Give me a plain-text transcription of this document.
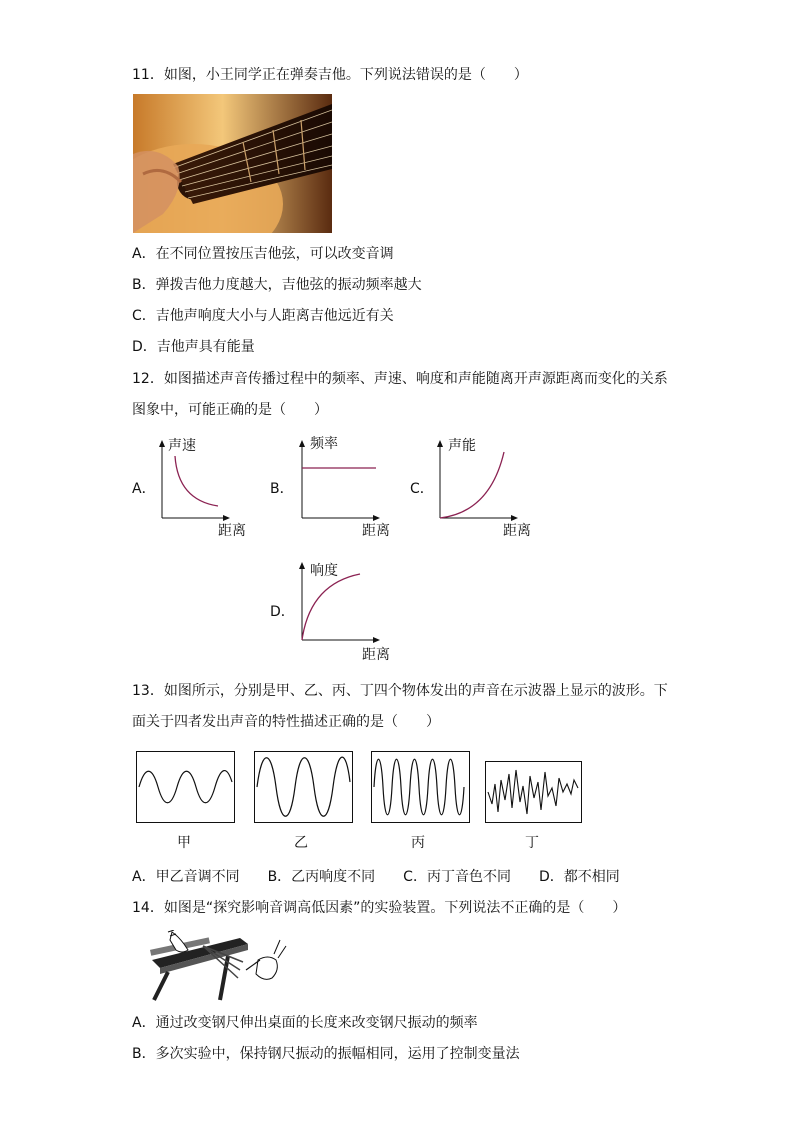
11．如图，小王同学正在弹奏吉他。下列说法错误的是（　　）
A．在不同位置按压吉他弦，可以改变音调
B．弹拨吉他力度越大，吉他弦的振动频率越大
C．吉他声响度大小与人距离吉他远近有关
D．吉他声具有能量
12．如图描述声音传播过程中的频率、声速、响度和声能随离开声源距离而变化的关系
图象中，可能正确的是（　　）
A．
声速
距离
B．
频率
距离
C．
声能
距离
D．
响度
距离
13．如图所示，分别是甲、乙、丙、丁四个物体发出的声音在示波器上显示的波形。下
面关于四者发出声音的特性描述正确的是（　　）
甲	乙	丙	丁
A．甲乙音调不同　　B．乙丙响度不同　　C．丙丁音色不同　　D．都不相同
14．如图是“探究影响音调高低因素”的实验装置。下列说法不正确的是（　　）
A．通过改变钢尺伸出桌面的长度来改变钢尺振动的频率
B．多次实验中，保持钢尺振动的振幅相同，运用了控制变量法
